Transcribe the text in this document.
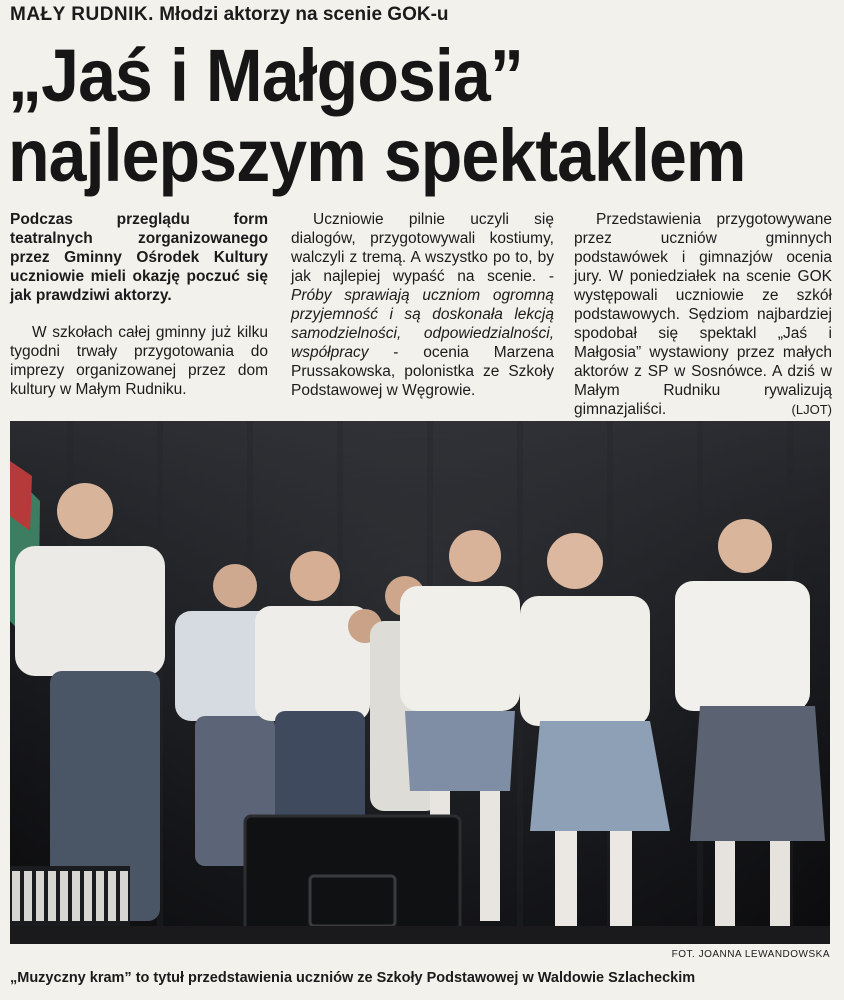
MAŁY RUDNIK. Młodzi aktorzy na scenie GOK-u
„Jaś i Małgosia”
najlepszym spektaklem

Podczas przeglądu form teatralnych zorganizowanego przez Gminny Ośrodek Kultury uczniowie mieli okazję poczuć się jak prawdziwi aktorzy.

W szkołach całej gminny już kilku tygodni trwały przygotowania do imprezy organizowanej przez dom kultury w Małym Rudniku.

Uczniowie pilnie uczyli się dialogów, przygotowywali kostiumy, walczyli z tremą. A wszystko po to, by jak najlepiej wypaść na scenie. - Próby sprawiają uczniom ogromną przyjemność i są doskonała lekcją samodzielności, odpowiedzialności, współpracy - ocenia Marzena Prussakowska, polonistka ze Szkoły Podstawowej w Węgrowie.

Przedstawienia przygotowywane przez uczniów gminnych podstawówek i gimnazjów ocenia jury. W poniedziałek na scenie GOK występowali uczniowie ze szkół podstawowych. Sędziom najbardziej spodobał się spektakl „Jaś i Małgosia” wystawiony przez małych aktorów z SP w Sosnówce. A dziś w Małym Rudniku rywalizują gimnazjaliści.	(LJOT)

FOT. JOANNA LEWANDOWSKA
„Muzyczny kram” to tytuł przedstawienia uczniów ze Szkoły Podstawowej w Waldowie Szlacheckim
